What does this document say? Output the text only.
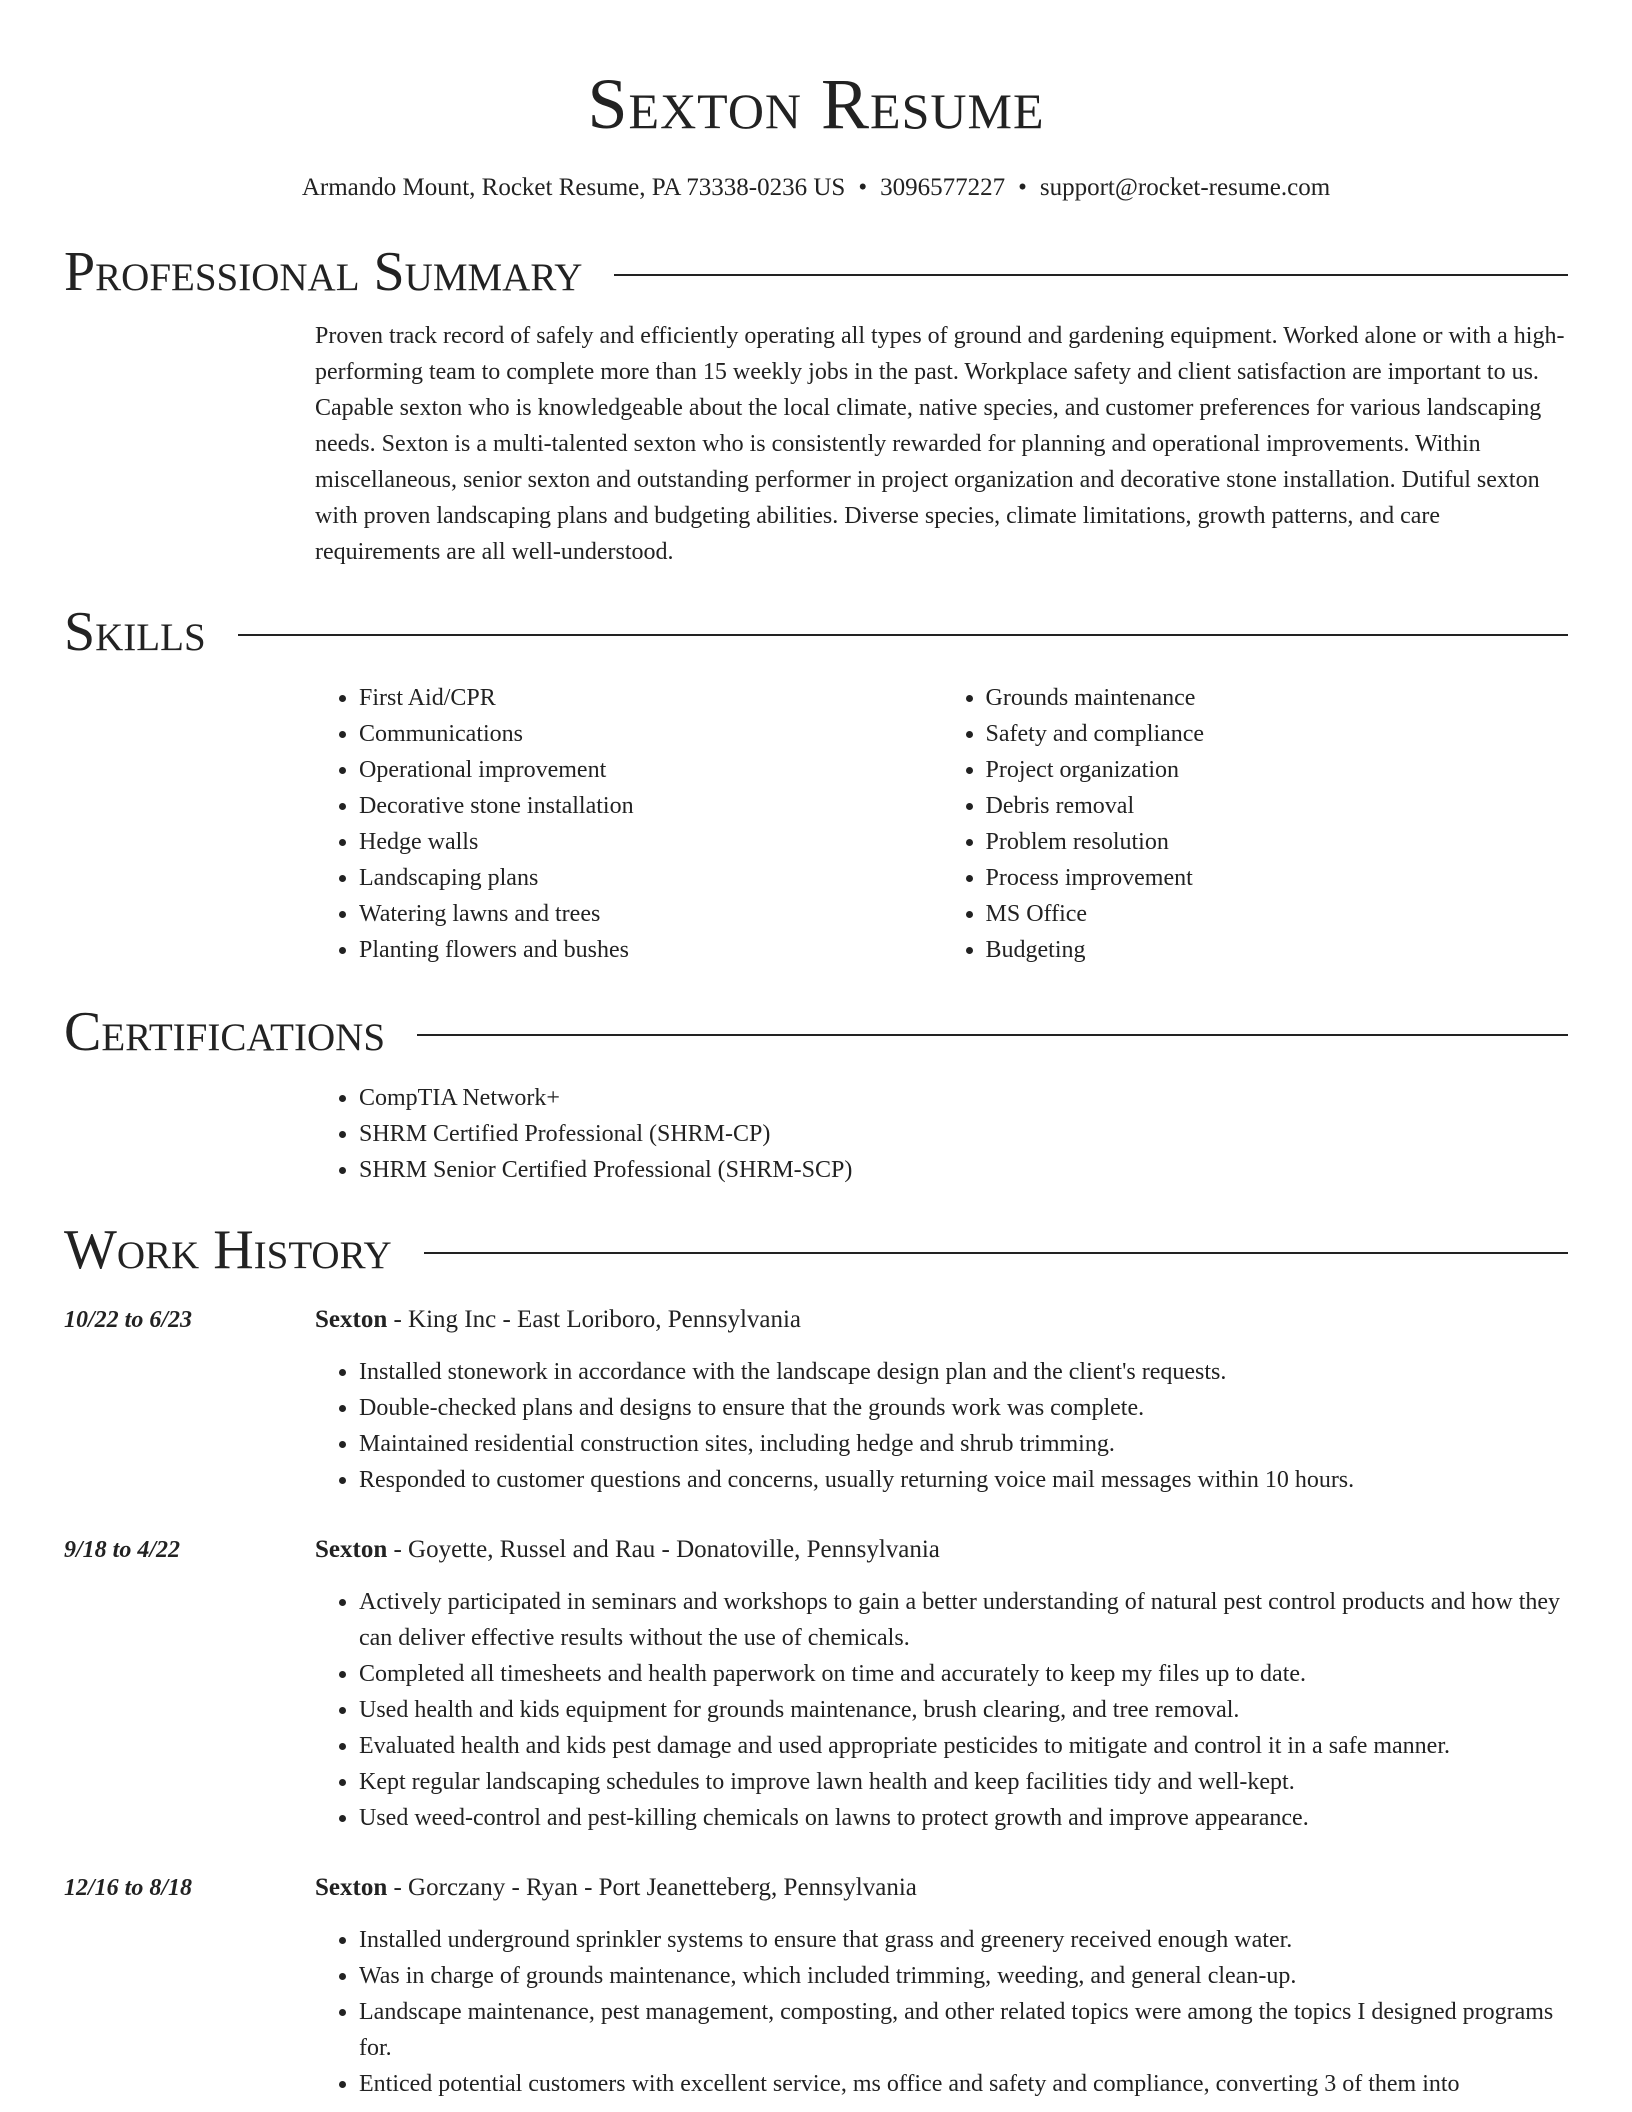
Sexton Resume
Armando Mount, Rocket Resume, PA 73338-0236 US • 3096577227 • support@rocket-resume.com
Professional Summary

Proven track record of safely and efficiently operating all types of ground and gardening equipment. Worked alone or with a high-performing team to complete more than 15 weekly jobs in the past. Workplace safety and client satisfaction are important to us. Capable sexton who is knowledgeable about the local climate, native species, and customer preferences for various landscaping needs. Sexton is a multi-talented sexton who is consistently rewarded for planning and operational improvements. Within miscellaneous, senior sexton and outstanding performer in project organization and decorative stone installation. Dutiful sexton with proven landscaping plans and budgeting abilities. Diverse species, climate limitations, growth patterns, and care requirements are all well-understood.

Skills
• First Aid/CPR
• Communications
• Operational improvement
• Decorative stone installation
• Hedge walls
• Landscaping plans
• Watering lawns and trees
• Planting flowers and bushes
• Grounds maintenance
• Safety and compliance
• Project organization
• Debris removal
• Problem resolution
• Process improvement
• MS Office
• Budgeting
Certifications
• CompTIA Network+
• SHRM Certified Professional (SHRM-CP)
• SHRM Senior Certified Professional (SHRM-SCP)
Work History
10/22 to 6/23	Sexton - King Inc - East Loriboro, Pennsylvania
• Installed stonework in accordance with the landscape design plan and the client's requests.
• Double-checked plans and designs to ensure that the grounds work was complete.
• Maintained residential construction sites, including hedge and shrub trimming.
• Responded to customer questions and concerns, usually returning voice mail messages within 10 hours.
9/18 to 4/22	Sexton - Goyette, Russel and Rau - Donatoville, Pennsylvania
• Actively participated in seminars and workshops to gain a better understanding of natural pest control products and how they can deliver effective results without the use of chemicals.
• Completed all timesheets and health paperwork on time and accurately to keep my files up to date.
• Used health and kids equipment for grounds maintenance, brush clearing, and tree removal.
• Evaluated health and kids pest damage and used appropriate pesticides to mitigate and control it in a safe manner.
• Kept regular landscaping schedules to improve lawn health and keep facilities tidy and well-kept.
• Used weed-control and pest-killing chemicals on lawns to protect growth and improve appearance.
12/16 to 8/18	Sexton - Gorczany - Ryan - Port Jeanetteberg, Pennsylvania
• Installed underground sprinkler systems to ensure that grass and greenery received enough water.
• Was in charge of grounds maintenance, which included trimming, weeding, and general clean-up.
• Landscape maintenance, pest management, composting, and other related topics were among the topics I designed programs for.
• Enticed potential customers with excellent service, ms office and safety and compliance, converting 3 of them into
